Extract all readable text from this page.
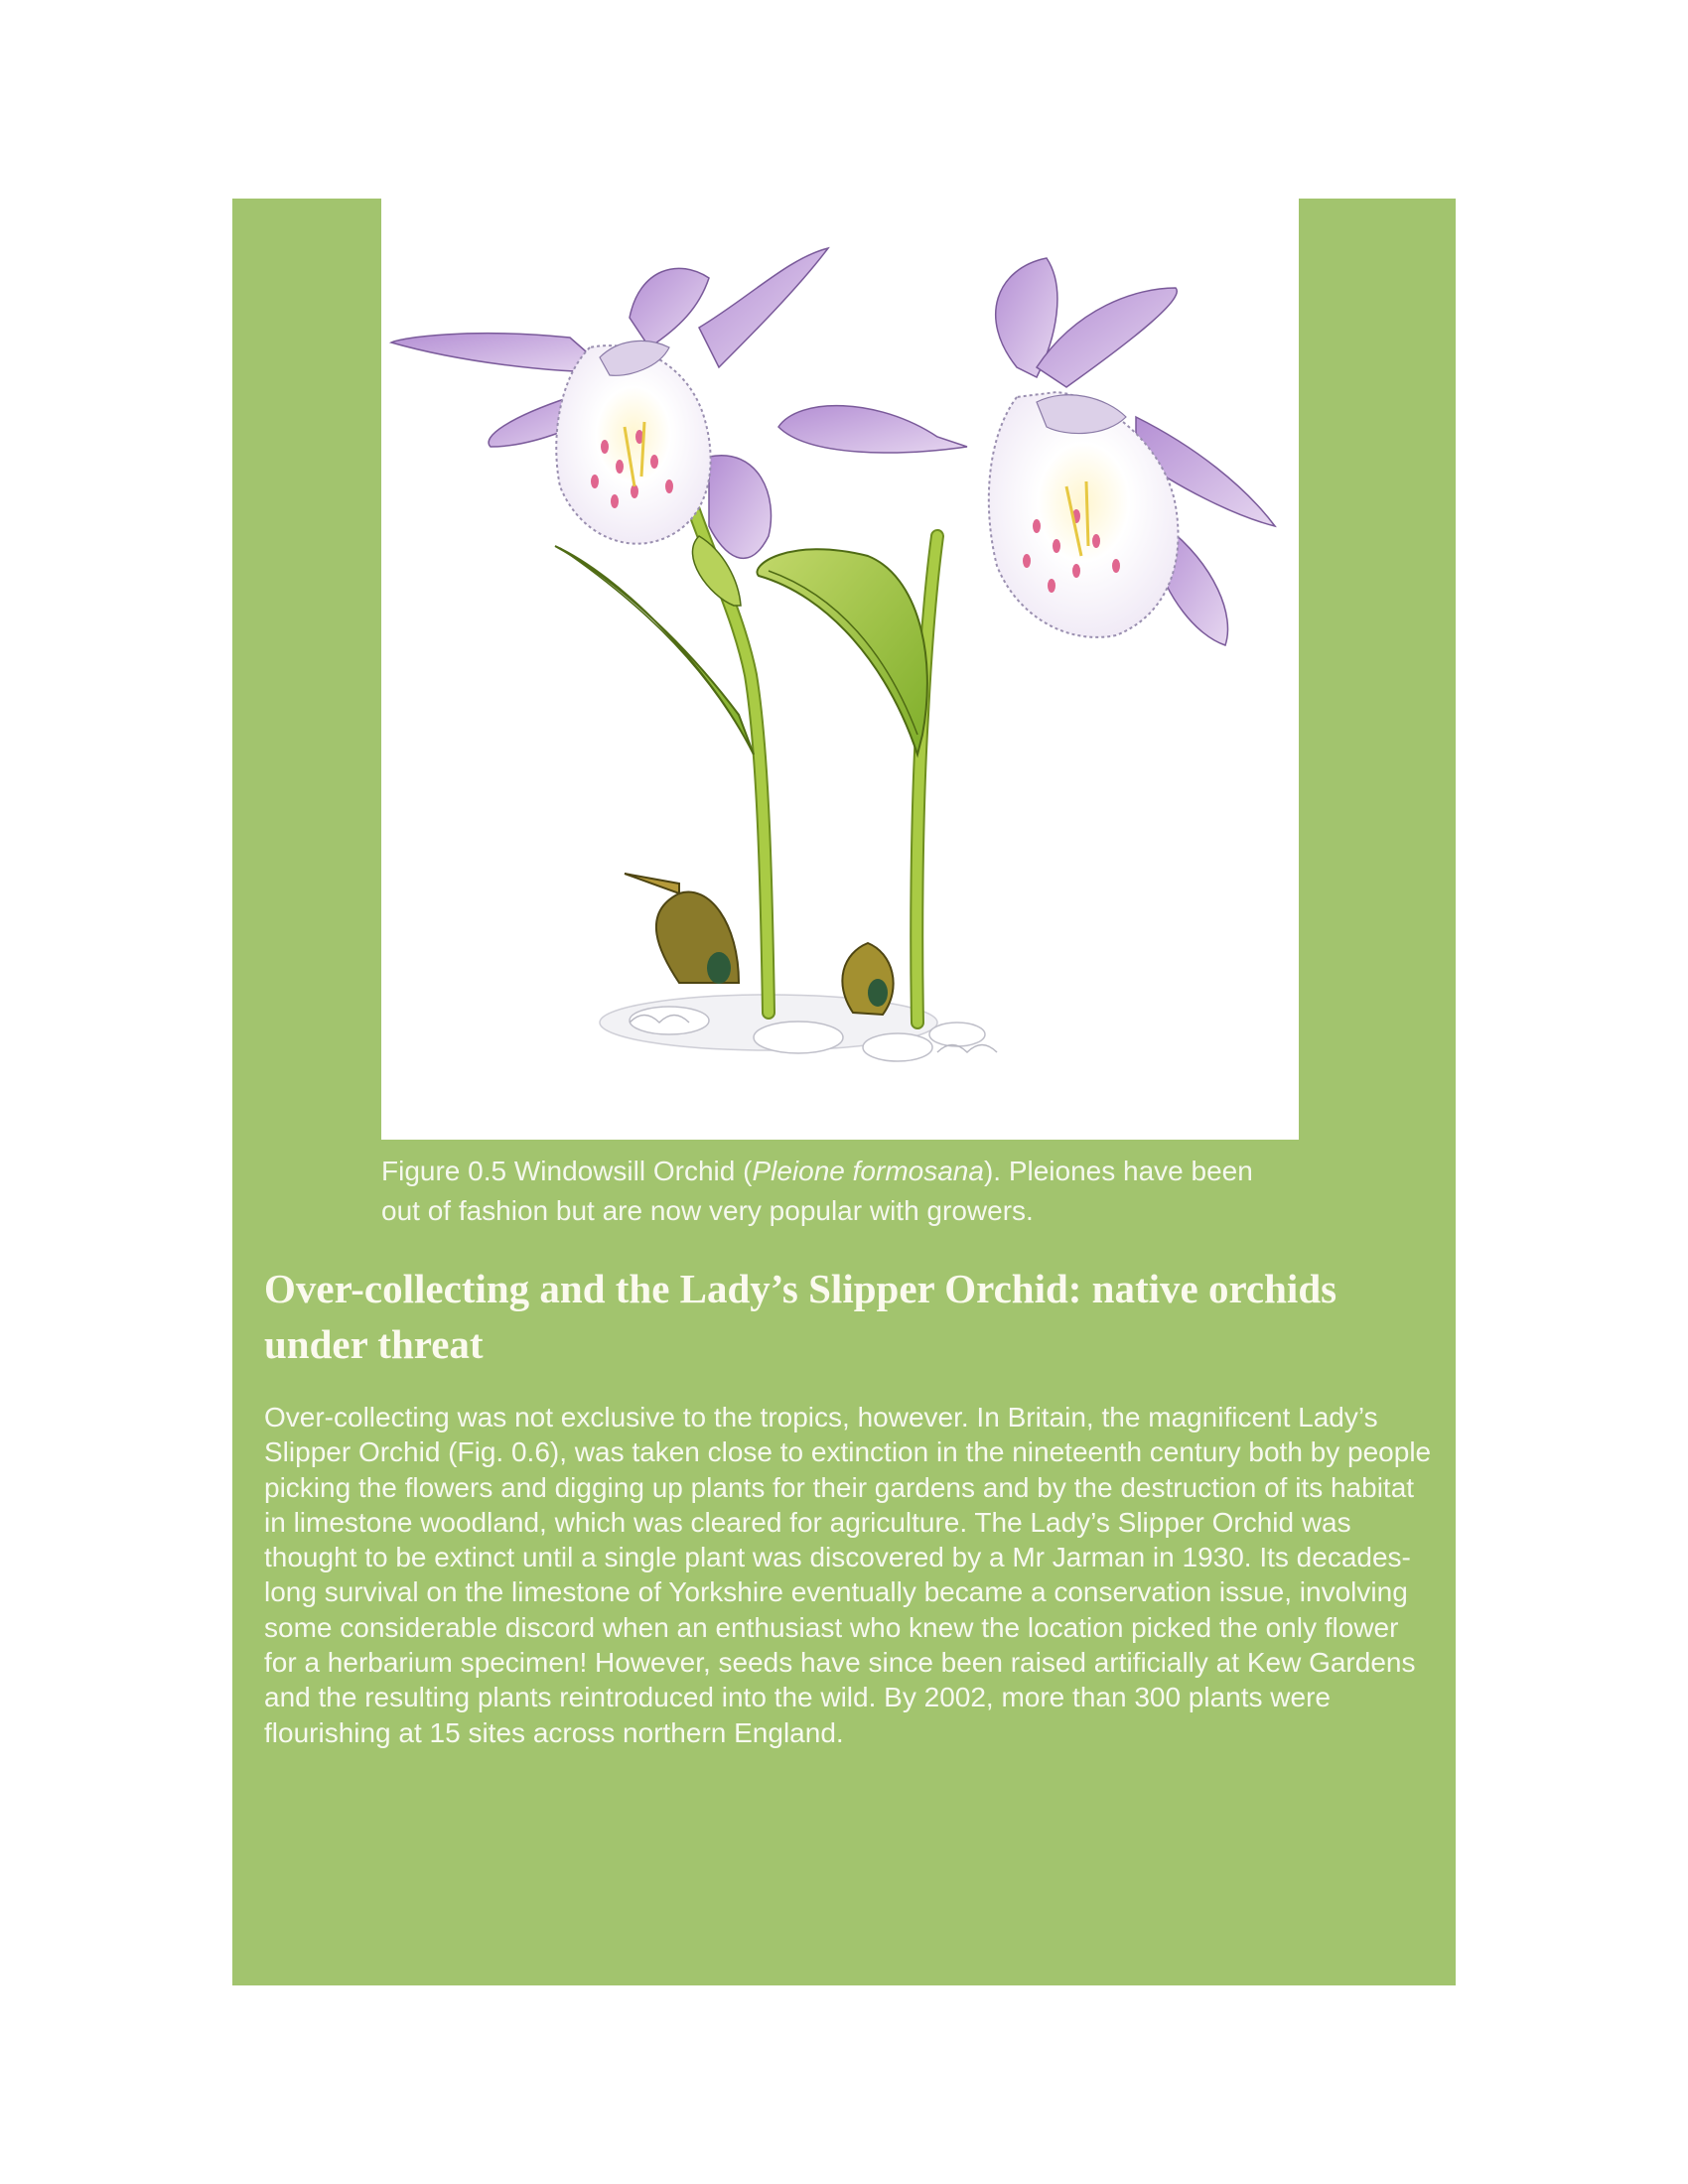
Figure 0.5 Windowsill Orchid (Pleione formosana). Pleiones have been out of fashion but are now very popular with growers.
Over-collecting and the Lady’s Slipper Orchid: native orchids under threat

Over-collecting was not exclusive to the tropics, however. In Britain, the magnificent Lady’s Slipper Orchid (Fig. 0.6), was taken close to extinction in the nineteenth century both by people picking the flowers and digging up plants for their gardens and by the destruction of its habitat in limestone woodland, which was cleared for agriculture. The Lady’s Slipper Orchid was thought to be extinct until a single plant was discovered by a Mr Jarman in 1930. Its decades-long survival on the limestone of Yorkshire eventually became a conservation issue, involving some considerable discord when an enthusiast who knew the location picked the only flower for a herbarium specimen! However, seeds have since been raised artificially at Kew Gardens and the resulting plants reintroduced into the wild. By 2002, more than 300 plants were flourishing at 15 sites across northern England.
